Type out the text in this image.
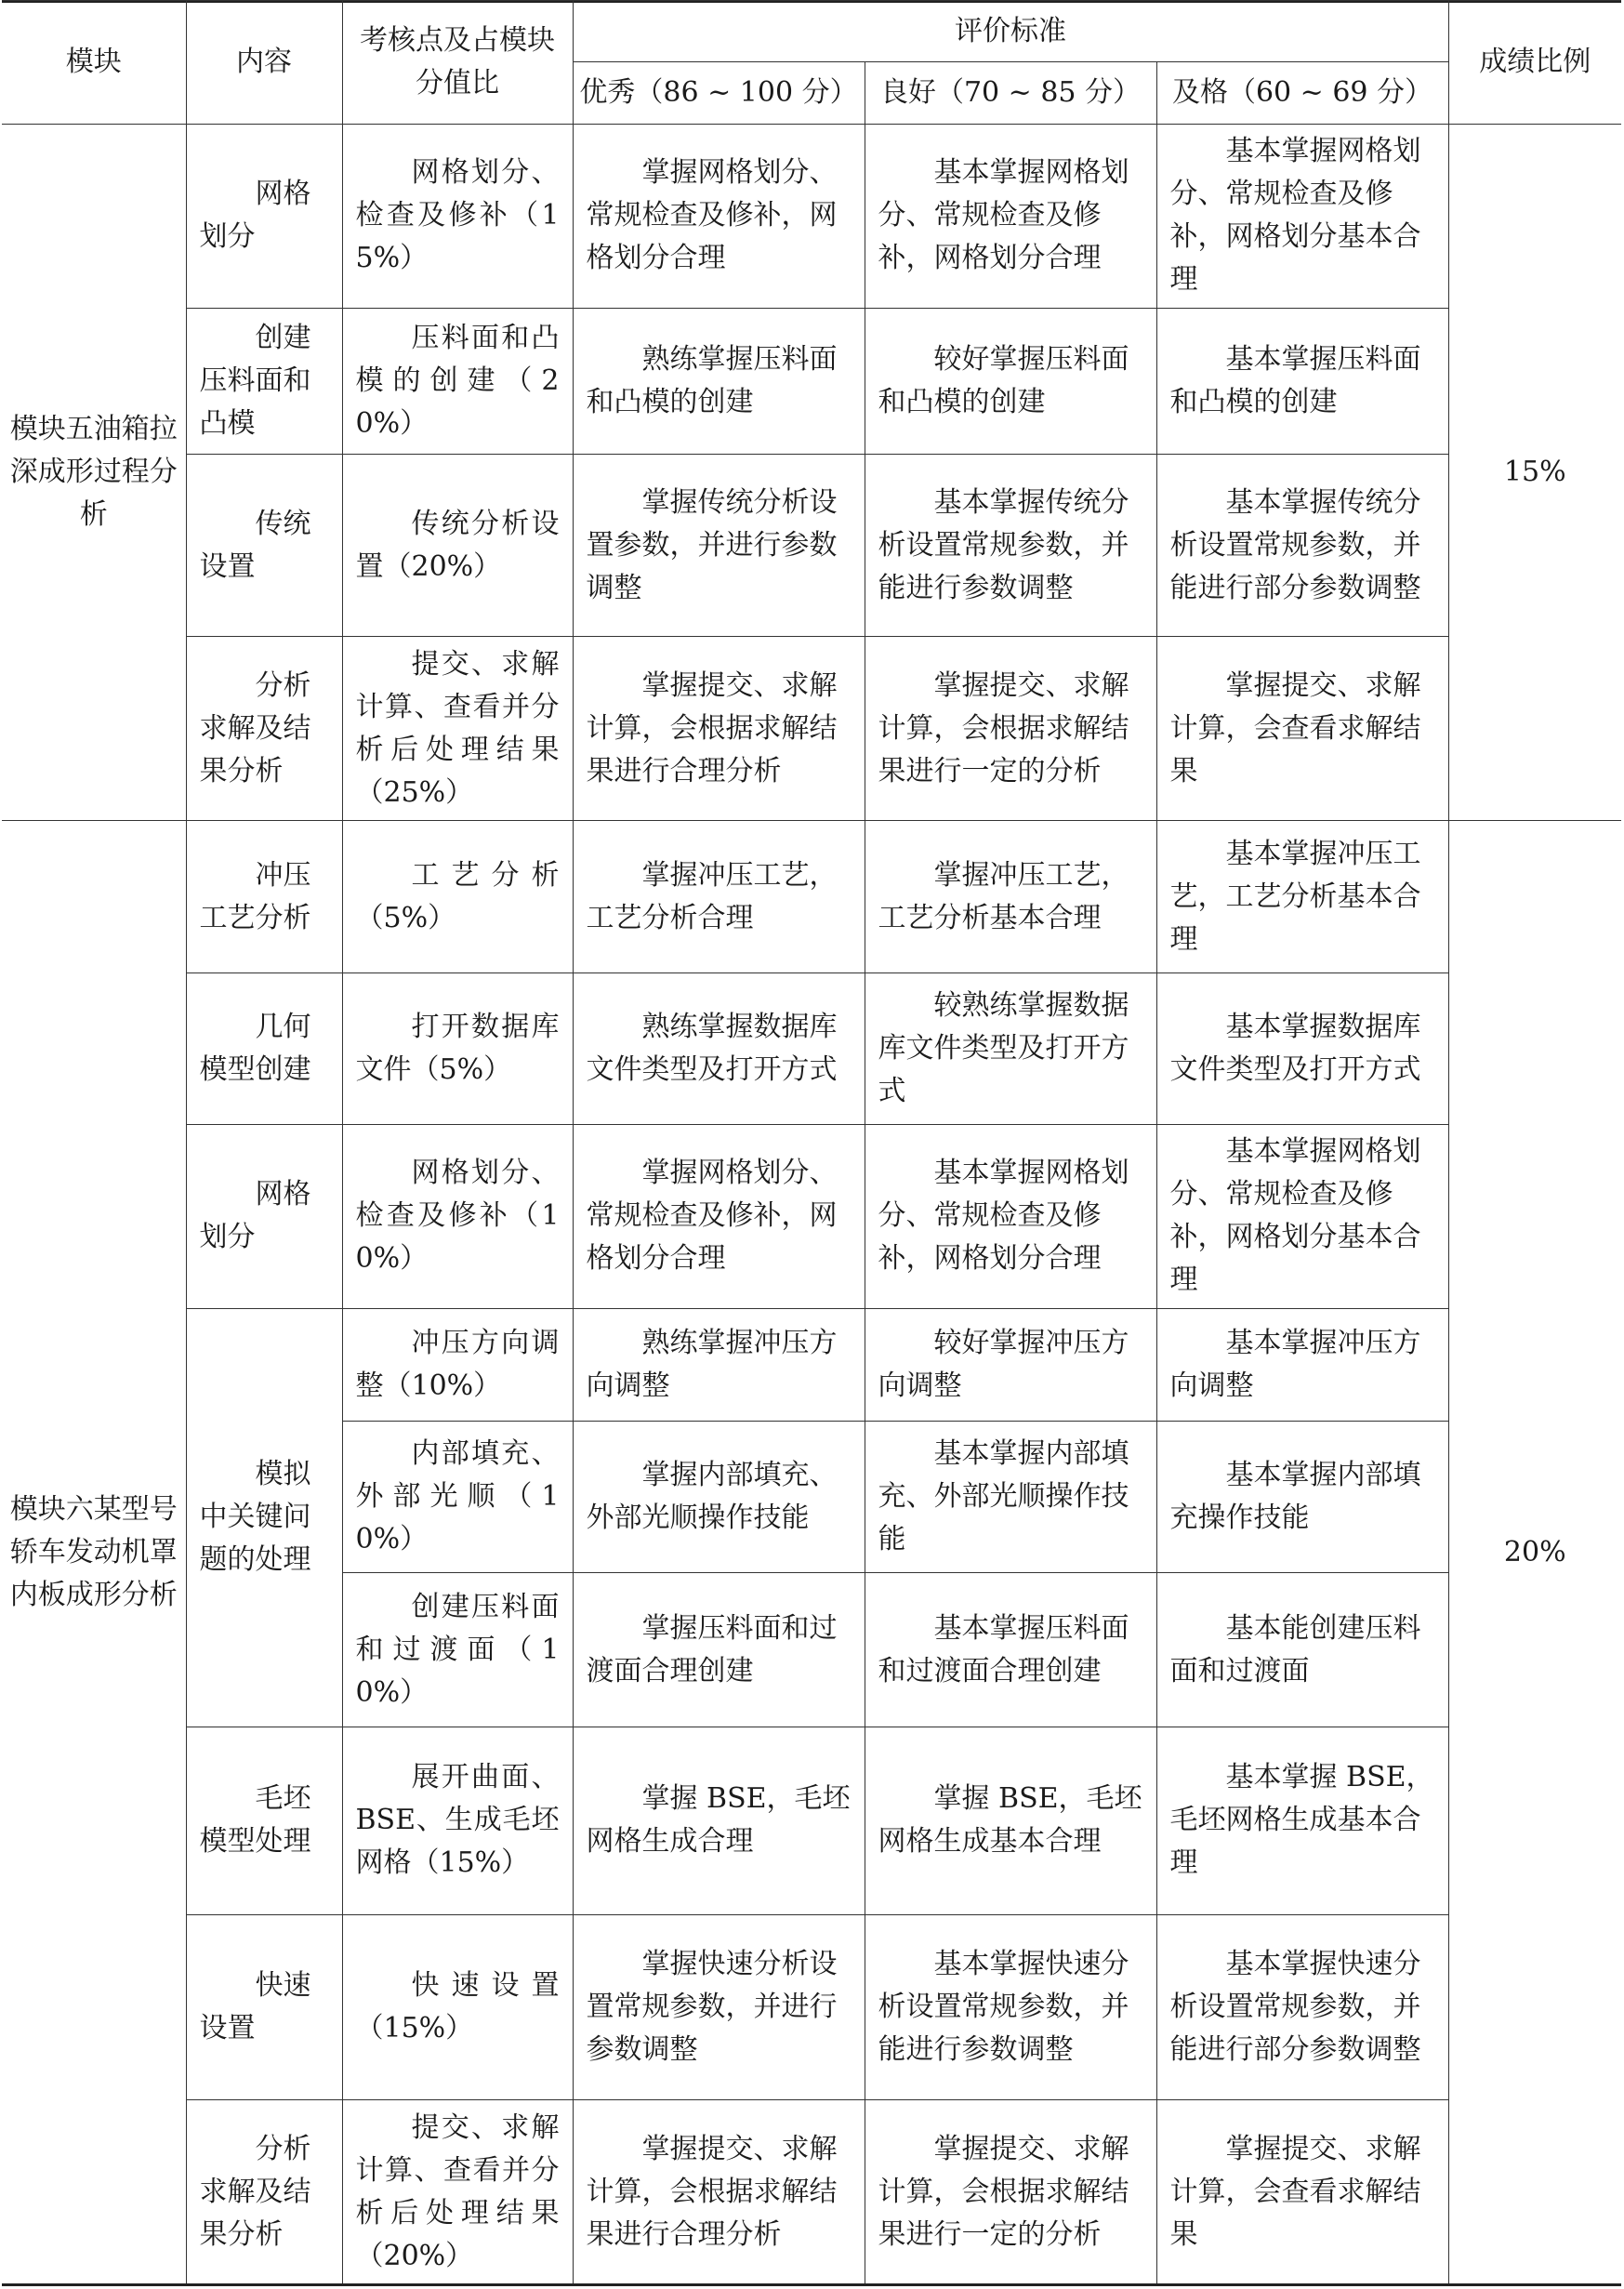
模块	内容	考核点及占模块分值比	评价标准			成绩比例
			优秀（86 ~ 100 分）	良好（70 ~ 85 分）	及格（60 ~ 69 分）	
模块五油箱拉深成形过程分析	网格划分	网格划分、检查及修补（15%）	掌握网格划分、常规检查及修补，网格划分合理	基本掌握网格划分、常规检查及修补，网格划分合理	基本掌握网格划分、常规检查及修补，网格划分基本合理	15%
	创建压料面和凸模	压料面和凸模的创建（20%）	熟练掌握压料面和凸模的创建	较好掌握压料面和凸模的创建	基本掌握压料面和凸模的创建	
	传统设置	传统分析设置（20%）	掌握传统分析设置参数，并进行参数调整	基本掌握传统分析设置常规参数，并能进行参数调整	基本掌握传统分析设置常规参数，并能进行部分参数调整	
	分析求解及结果分析	提交、求解计算、查看并分析后处理结果（25%）	掌握提交、求解计算，会根据求解结果进行合理分析	掌握提交、求解计算，会根据求解结果进行一定的分析	掌握提交、求解计算，会查看求解结果	
模块六某型号轿车发动机罩内板成形分析	冲压工艺分析	工艺分析（5%）	掌握冲压工艺，工艺分析合理	掌握冲压工艺，工艺分析基本合理	基本掌握冲压工艺，工艺分析基本合理	20%
	几何模型创建	打开数据库文件（5%）	熟练掌握数据库文件类型及打开方式	较熟练掌握数据库文件类型及打开方式	基本掌握数据库文件类型及打开方式	
	网格划分	网格划分、检查及修补（10%）	掌握网格划分、常规检查及修补，网格划分合理	基本掌握网格划分、常规检查及修补，网格划分合理	基本掌握网格划分、常规检查及修补，网格划分基本合理	
	模拟中关键问题的处理	冲压方向调整（10%）	熟练掌握冲压方向调整	较好掌握冲压方向调整	基本掌握冲压方向调整	
		内部填充、外部光顺（10%）	掌握内部填充、外部光顺操作技能	基本掌握内部填充、外部光顺操作技能	基本掌握内部填充操作技能	
		创建压料面和过渡面（10%）	掌握压料面和过渡面合理创建	基本掌握压料面和过渡面合理创建	基本能创建压料面和过渡面	
	毛坯模型处理	展开曲面、BSE、生成毛坯网格（15%）	掌握 BSE，毛坯网格生成合理	掌握 BSE，毛坯网格生成基本合理	基本掌握 BSE，毛坯网格生成基本合理	
	快速设置	快速设置（15%）	掌握快速分析设置常规参数，并进行参数调整	基本掌握快速分析设置常规参数，并能进行参数调整	基本掌握快速分析设置常规参数，并能进行部分参数调整	
	分析求解及结果分析	提交、求解计算、查看并分析后处理结果（20%）	掌握提交、求解计算，会根据求解结果进行合理分析	掌握提交、求解计算，会根据求解结果进行一定的分析	掌握提交、求解计算，会查看求解结果	
